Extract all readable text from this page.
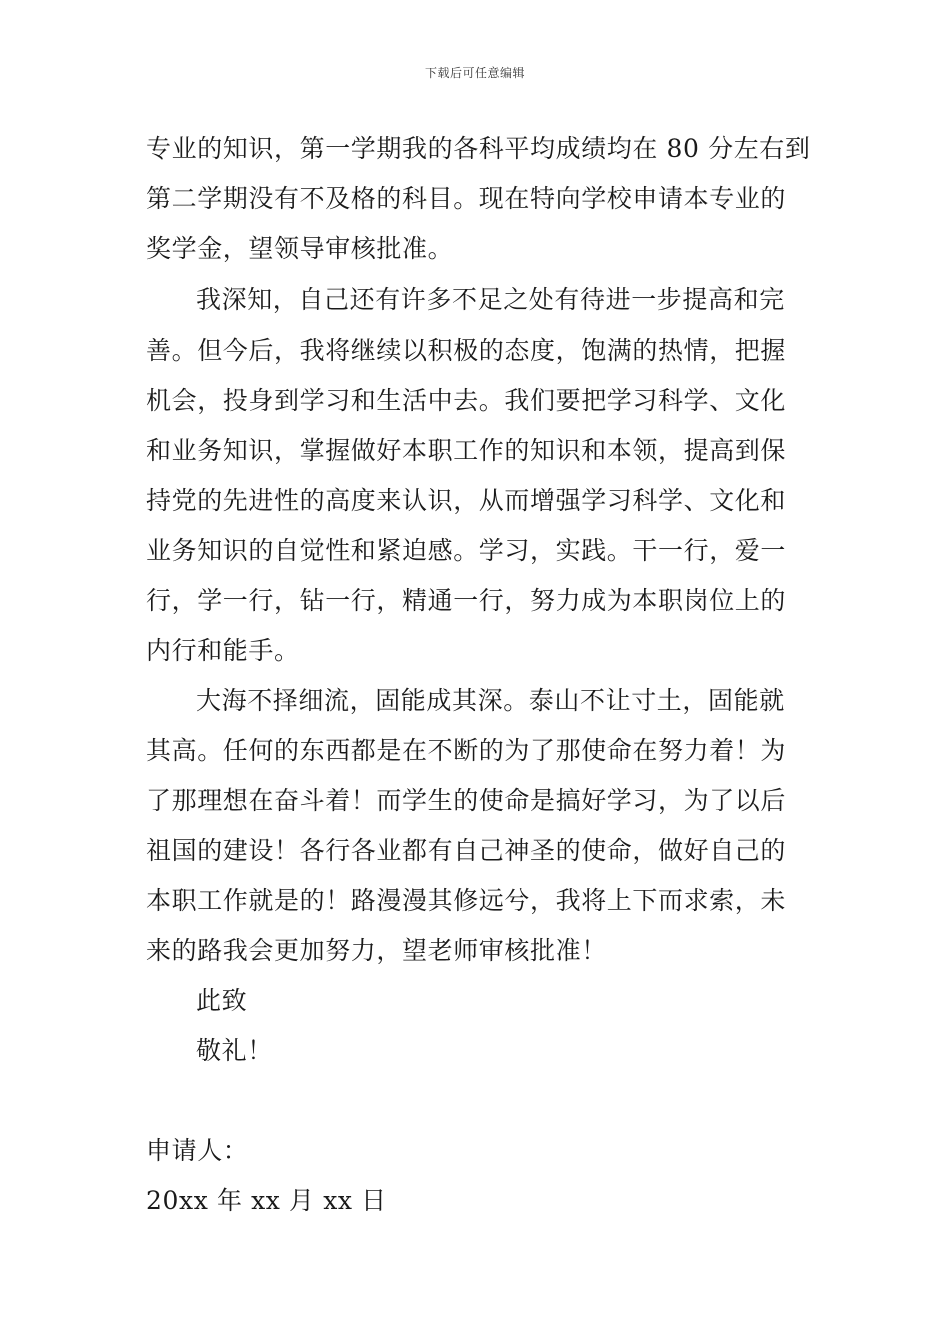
下载后可任意编辑
专业的知识，第一学期我的各科平均成绩均在 80 分左右到
第二学期没有不及格的科目。现在特向学校申请本专业的
奖学金，望领导审核批准。
我深知，自己还有许多不足之处有待进一步提高和完
善。但今后，我将继续以积极的态度，饱满的热情，把握
机会，投身到学习和生活中去。我们要把学习科学、文化
和业务知识，掌握做好本职工作的知识和本领，提高到保
持党的先进性的高度来认识，从而增强学习科学、文化和
业务知识的自觉性和紧迫感。学习，实践。干一行，爱一
行，学一行，钻一行，精通一行，努力成为本职岗位上的
内行和能手。
大海不择细流，固能成其深。泰山不让寸土，固能就
其高。任何的东西都是在不断的为了那使命在努力着！为
了那理想在奋斗着！而学生的使命是搞好学习，为了以后
祖国的建设！各行各业都有自己神圣的使命，做好自己的
本职工作就是的！路漫漫其修远兮，我将上下而求索，未
来的路我会更加努力，望老师审核批准！
此致
敬礼！
申请人：
20xx 年 xx 月 xx 日
